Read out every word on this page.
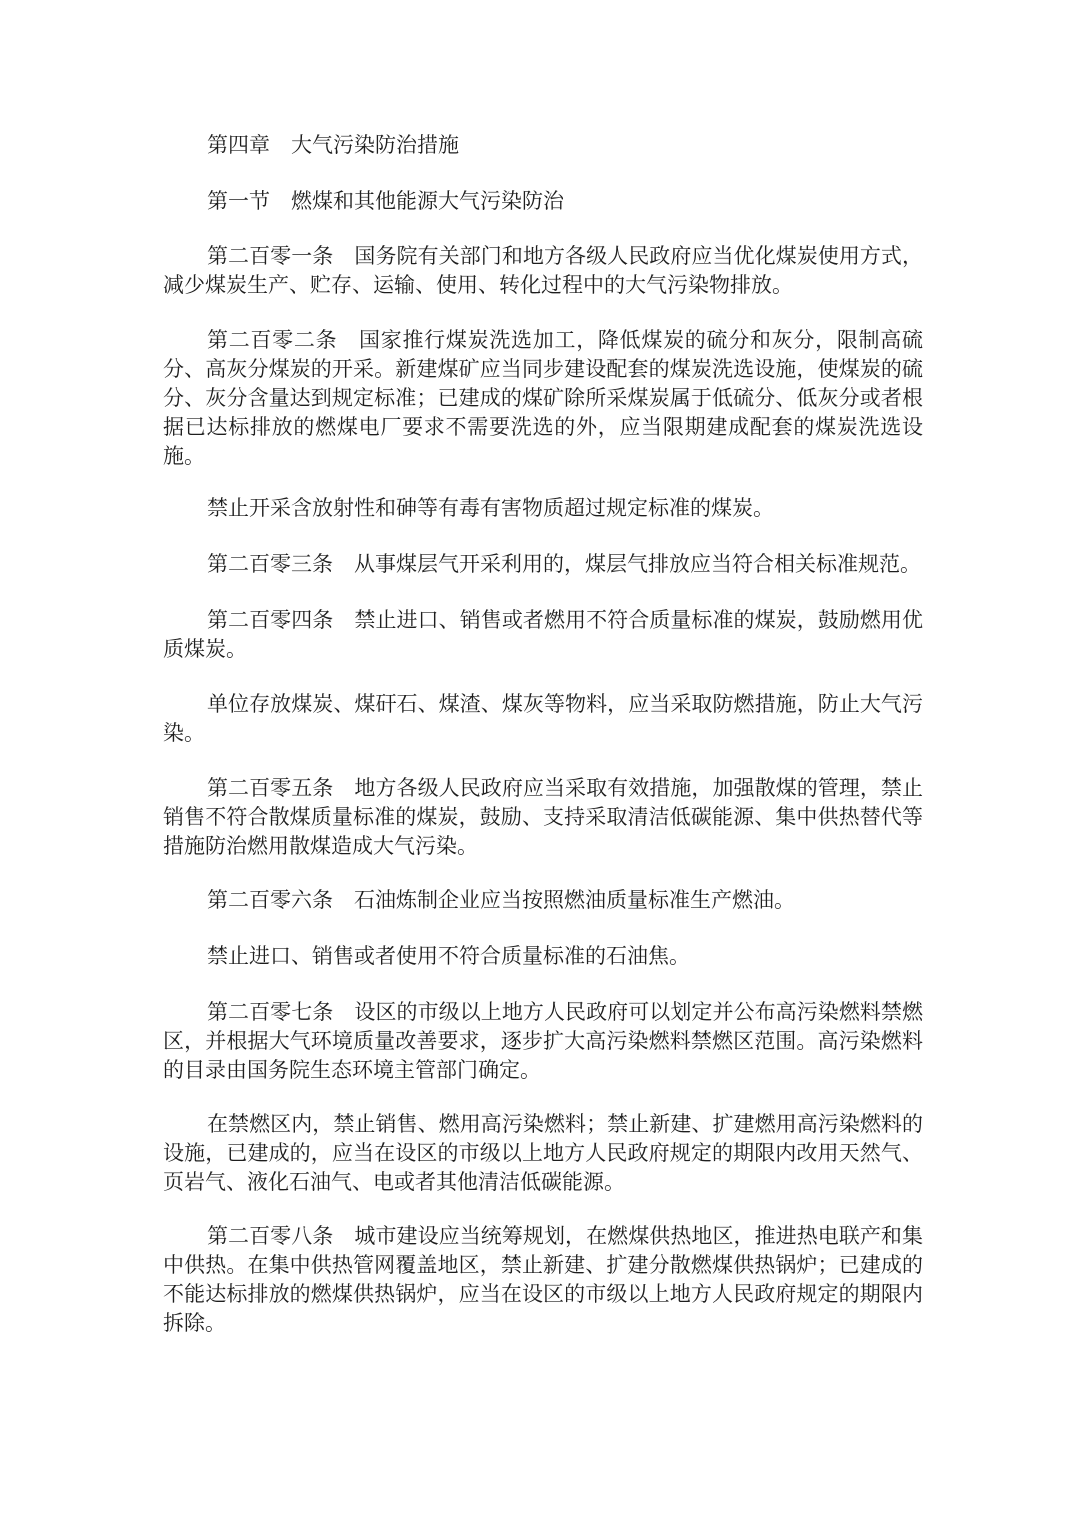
第四章　大气污染防治措施
第一节　燃煤和其他能源大气污染防治
第二百零一条　国务院有关部门和地方各级人民政府应当优化煤炭使用方式，减少煤炭生产、贮存、运输、使用、转化过程中的大气污染物排放。
第二百零二条　国家推行煤炭洗选加工，降低煤炭的硫分和灰分，限制高硫分、高灰分煤炭的开采。新建煤矿应当同步建设配套的煤炭洗选设施，使煤炭的硫分、灰分含量达到规定标准；已建成的煤矿除所采煤炭属于低硫分、低灰分或者根据已达标排放的燃煤电厂要求不需要洗选的外，应当限期建成配套的煤炭洗选设施。
禁止开采含放射性和砷等有毒有害物质超过规定标准的煤炭。
第二百零三条　从事煤层气开采利用的，煤层气排放应当符合相关标准规范。
第二百零四条　禁止进口、销售或者燃用不符合质量标准的煤炭，鼓励燃用优质煤炭。
单位存放煤炭、煤矸石、煤渣、煤灰等物料，应当采取防燃措施，防止大气污染。
第二百零五条　地方各级人民政府应当采取有效措施，加强散煤的管理，禁止销售不符合散煤质量标准的煤炭，鼓励、支持采取清洁低碳能源、集中供热替代等措施防治燃用散煤造成大气污染。
第二百零六条　石油炼制企业应当按照燃油质量标准生产燃油。
禁止进口、销售或者使用不符合质量标准的石油焦。
第二百零七条　设区的市级以上地方人民政府可以划定并公布高污染燃料禁燃区，并根据大气环境质量改善要求，逐步扩大高污染燃料禁燃区范围。高污染燃料的目录由国务院生态环境主管部门确定。
在禁燃区内，禁止销售、燃用高污染燃料；禁止新建、扩建燃用高污染燃料的设施，已建成的，应当在设区的市级以上地方人民政府规定的期限内改用天然气、页岩气、液化石油气、电或者其他清洁低碳能源。
第二百零八条　城市建设应当统筹规划，在燃煤供热地区，推进热电联产和集中供热。在集中供热管网覆盖地区，禁止新建、扩建分散燃煤供热锅炉；已建成的不能达标排放的燃煤供热锅炉，应当在设区的市级以上地方人民政府规定的期限内拆除。
